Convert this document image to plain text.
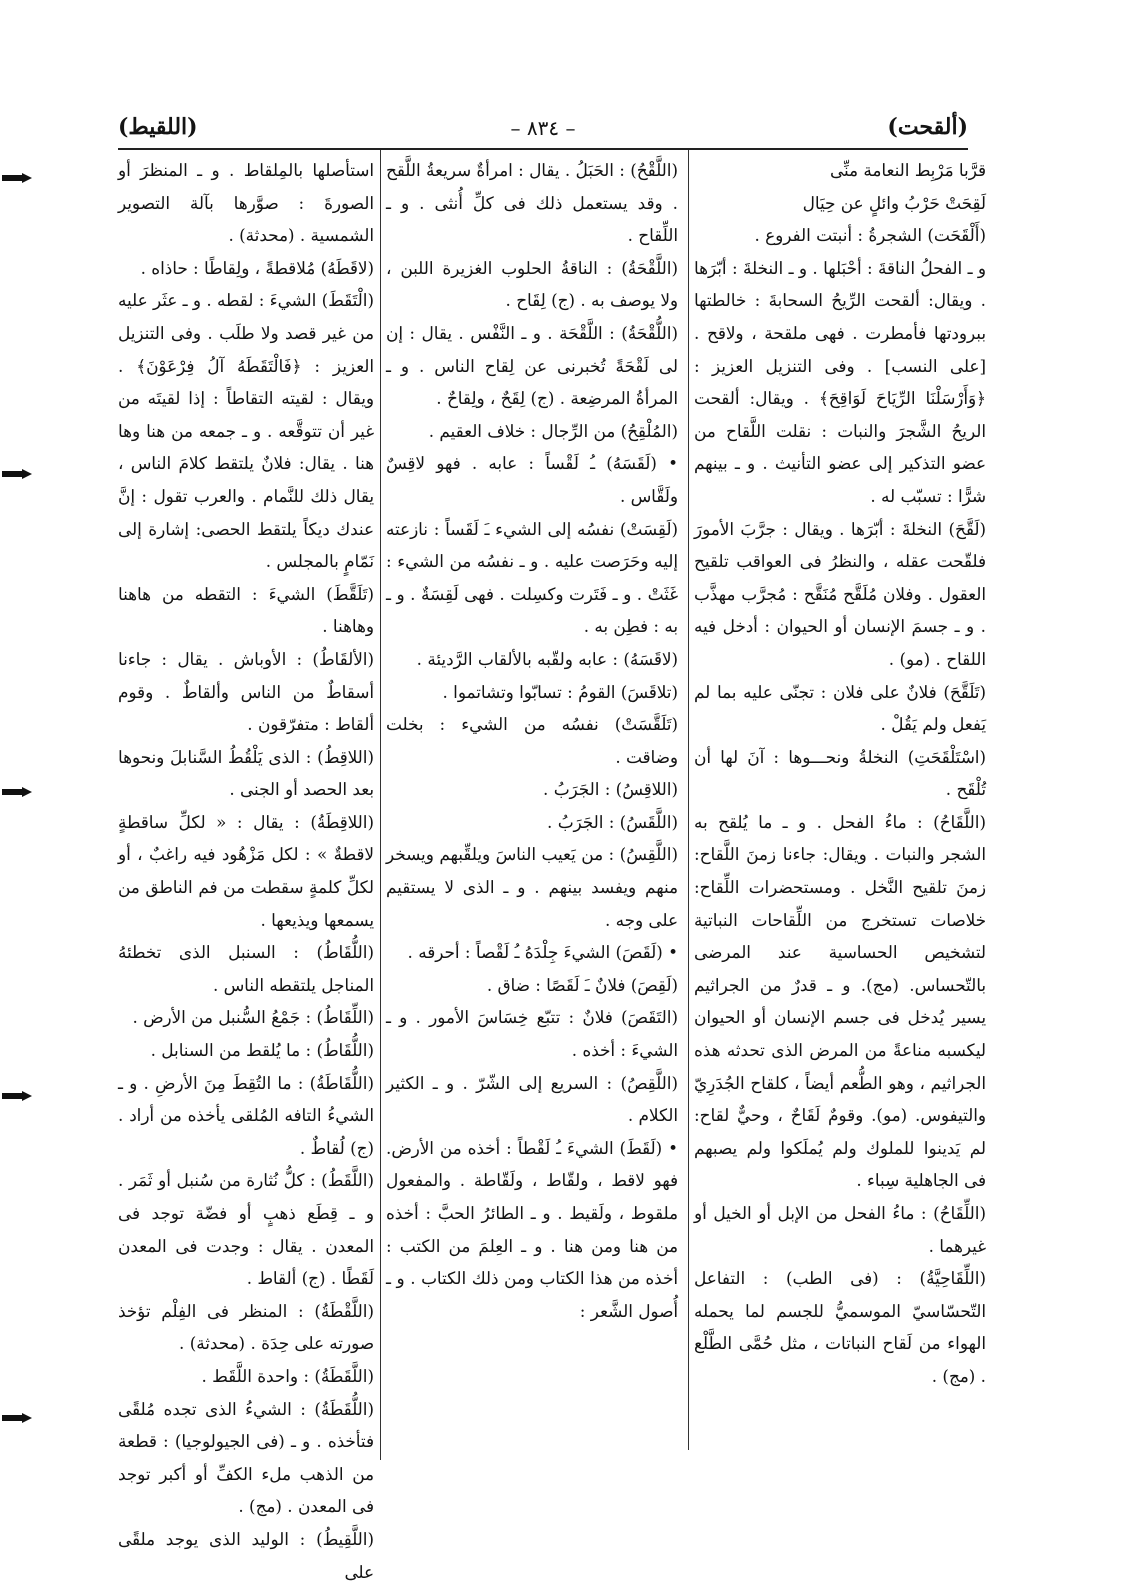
(ألقحت)
– ٨٣٤ –
(اللقيط)

قرَّبا مَرْبِط النعامة منِّى

لَقِحَتْ حَرْبُ وائلٍ عن حِيَال

(أَلْقَحَت) الشجرةُ : أنبتت الفروع .

و ـ الفحلُ الناقةَ : أحْبَلها . و ـ النخلةَ : أبّرَها . ويقال: ألقحت الرِّيحُ السحابةَ : خالطتها ببرودتها فأمطرت . فهى ملقحة ، ولاقح . [على النسب] . وفى التنزيل العزيز : ﴿وَأَرْسَلْنَا الرِّيَاحَ لَوَاقِحَ﴾ . ويقال: ألقحت الريحُ الشَّجرَ والنبات : نقلت اللَّقاح من عضو التذكير إلى عضو التأنيث . و ـ بينهم شرًّا : تسبّب له .

(لَقَّحَ) النخلةَ : أبّرَها . ويقال : جرَّبَ الأمورَ فلقّحت عقله ، والنظرُ فى العواقب تلقيح العقول . وفلان مُلَقَّح مُنَقَّح : مُجرَّب مهذَّب . و ـ جسمَ الإنسان أو الحيوان : أدخل فيه اللقاح . (مو) .

(تَلَقَّحَ) فلانٌ على فلان : تجنّى عليه بما لم يَفعل ولم يَقُلْ .

(اسْتَلْقَحَتِ) النخلةُ ونحـــوها : آنَ لها أن تُلْقَح .

(اللَّقَاحُ) : ماءُ الفحل . و ـ ما يُلقح به الشجر والنبات . ويقال: جاءنا زمنَ اللَّقاح: زمنَ تلقيح النَّخل . ومستحضرات اللِّقاح: خلاصات تستخرج من اللِّقاحات النباتية لتشخيص الحساسية عند المرضى بالتّحساس. (مج). و ـ قدرٌ من الجراثيم يسير يُدخل فى جسم الإنسان أو الحيوان ليكسبه مناعةً من المرض الذى تحدثه هذه الجراثيم ، وهو الطُّعم أيضاً ، كلقاح الجُدَرِيّ والتيفوس. (مو). وقومٌ لَقَاحٌ ، وحيٌّ لقاح: لم يَدينوا للملوك ولم يُملَكوا ولم يصبهم فى الجاهلية سِباء .

(اللِّقَاحُ) : ماءُ الفحل من الإبل أو الخيل أو غيرهما .

(اللِّقَاحِيَّةُ) : (فى الطب) : التفاعل التّحسّاسيّ الموسميُّ للجسم لما يحمله الهواء من لَقاح النباتات ، مثل حُمَّى الطَّلْع . (مج) .

(اللَّقْحُ) : الحَبَلُ . يقال : امرأةٌ سريعةُ اللَّقح . وقد يستعمل ذلك فى كلِّ أُنثى . و ـ اللِّقاح .

(اللَّقْحَةُ) : الناقةُ الحلوب الغزيرة اللبن ، ولا يوصف به . (ج) لِقَاح .

(اللُّقْحَةُ) : اللَّقْحَة . و ـ النَّفْس . يقال : إن لى لَقْحَةً تُخبرنى عن لِقاح الناس . و ـ المرأةُ المرضِعة . (ج) لِقَحٌ ، ولِقاحٌ .

(المُلْقِحُ) من الرِّجال : خلاف العقيم .

• (لَقَسَهُ) ـُ لَقْساً : عابه . فهو لاقِسٌ ولَقَّاس .

(لَقِسَتْ) نفسُه إلى الشيء ـَ لَقَساً : نازعته إليه وحَرَصت عليه . و ـ نفسُه من الشيء : غَثَتْ . و ـ فَتَرت وكسِلت . فهى لَقِسَةٌ . و ـ به : فطِن به .

(لاقَسَهُ) : عابه ولقّبه بالألقاب الرَّديئة .

(تلاقَسَ) القومُ : تسابّوا وتشاتموا .

(تَلَقَّسَتْ) نفسُه من الشيء : بخلت وضاقت .

(اللاقِسُ) : الجَرَبُ .

(اللَّقَسُ) : الجَرَبُ .

(اللَّقِسُ) : من يَعيب الناسَ ويلقِّبهم ويسخر منهم ويفسد بينهم . و ـ الذى لا يستقيم على وجه .

• (لَقَصَ) الشيءَ جِلْدَهُ ـُ لَقْصاً : أحرقه .

(لَقِصَ) فلانٌ ـَ لَقَصًا : ضاق .

(التَقَصَ) فلانٌ : تتبّع خِسَاسَ الأمور . و ـ الشيءَ : أخذه .

(اللَّقِصُ) : السريع إلى الشّرّ . و ـ الكثير الكلام .

• (لَقَطَ) الشيءَ ـُ لَقْطاً : أخذه من الأرض. فهو لاقط ، ولقّاط ، ولَقّاطة . والمفعول ملقوط ، ولَقيط . و ـ الطائرُ الحبَّ : أخذه من هنا ومن هنا . و ـ العِلمَ من الكتب : أخذه من هذا الكتاب ومن ذلك الكتاب . و ـ أُصول الشَّعر :

استأصلها بالمِلقاط . و ـ المنظرَ أو الصورةَ : صوَّرها بآلة التصوير الشمسية . (محدثة) .

(لاقَطَهُ) مُلاقطةً ، ولِقاطًا : حاذاه .

(الْتَقَطَ) الشيءَ : لقطه . و ـ عثَر عليه من غير قصد ولا طلَب . وفى التنزيل العزيز : ﴿فَالْتَقَطَهُ آلُ فِرْعَوْنَ﴾ . ويقال : لقيته التقاطاً : إذا لقيتَه من غير أن تتوقَّعه . و ـ جمعه من هنا وها هنا . يقال: فلانٌ يلتقط كلامَ الناس ، يقال ذلك للنَّمام . والعرب تقول : إنَّ عندك ديكاً يلتقط الحصى: إشارة إلى نَمّامٍ بالمجلس .

(تَلَقَّطَ) الشيءَ : التقطه من هاهنا وهاهنا .

(الألقَاطُ) : الأوباش . يقال : جاءنا أسقاطٌ من الناس وألقاطٌ . وقوم ألقاط : متفرّقون .

(اللاقِطُ) : الذى يَلْقُطُ السَّنابلَ ونحوها بعد الحصد أو الجنى .

(اللاقِطَةُ) : يقال : « لكلِّ ساقطةٍ لاقطةٌ » : لكل مَزْهُود فيه راغبٌ ، أو لكلِّ كلمةٍ سقطت من فم الناطق من يسمعها ويذيعها .

(اللُّقَاطُ) : السنبل الذى تخطئهُ المناجل يلتقطه الناس .

(اللِّقَاطُ) : جَمْعُ السُّنبل من الأرض .

(اللُّقَاطُ) : ما يُلقط من السنابل .

(اللُّقَاطَةُ) : ما التُقِطَ مِنَ الأرضِ . و ـ الشيءُ التافه المُلقى يأخذه من أراد . (ج) لُقاطٌ .

(اللَّقَطُ) : كلُّ نُثارة من سُنبل أو ثَمَر . و ـ قِطَع ذهبٍ أو فضّة توجد فى المعدن . يقال : وجدت فى المعدن لَقَطًا . (ج) ألقاط .

(اللَّقْطَةُ) : المنظر فى الفِلْم تؤخذ صورته على حِدَة . (محدثة) .

(اللَّقَطَةُ) : واحدة اللَّقَط .

(اللُّقَطَةُ) : الشيءُ الذى تجده مُلقًى فتأخذه . و ـ (فى الجيولوجيا) : قطعة من الذهب ملء الكفِّ أو أكبر توجد فى المعدن . (مج) .

(اللَّقِيطُ) : الوليد الذى يوجد ملقًى على
